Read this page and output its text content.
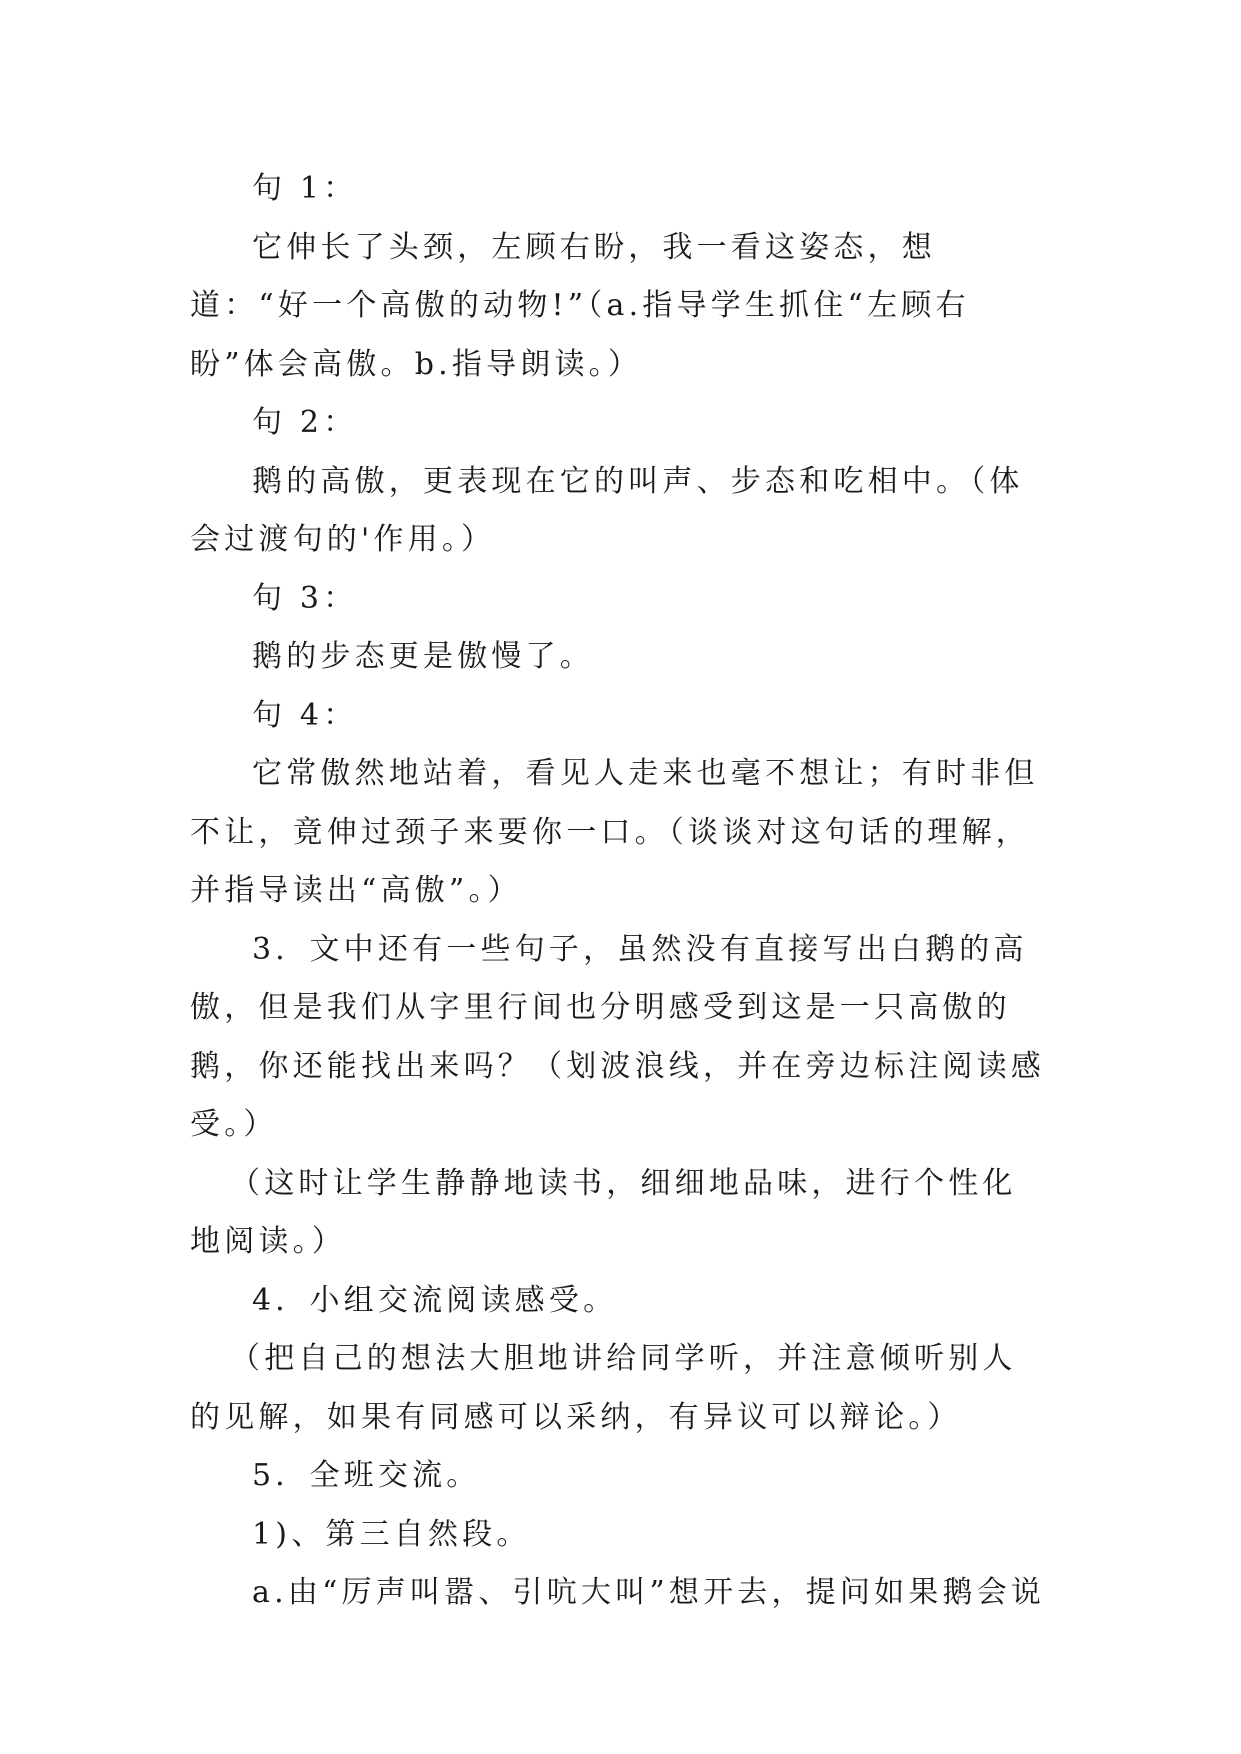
句 1：

它伸长了头颈，左顾右盼，我一看这姿态，想道：“好一个高傲的动物!”（a.指导学生抓住“左顾右盼”体会高傲。b.指导朗读。）

句 2：

鹅的高傲，更表现在它的叫声、步态和吃相中。（体会过渡句的'作用。）

句 3：

鹅的步态更是傲慢了。

句 4：

它常傲然地站着，看见人走来也毫不想让；有时非但不让，竟伸过颈子来要你一口。（谈谈对这句话的理解，并指导读出“高傲”。）

3．文中还有一些句子，虽然没有直接写出白鹅的高傲，但是我们从字里行间也分明感受到这是一只高傲的鹅，你还能找出来吗？（划波浪线，并在旁边标注阅读感受。）

（这时让学生静静地读书，细细地品味，进行个性化地阅读。）

4．小组交流阅读感受。

（把自己的想法大胆地讲给同学听，并注意倾听别人的见解，如果有同感可以采纳，有异议可以辩论。）

5．全班交流。

1)、第三自然段。

a.由“厉声叫嚣、引吭大叫”想开去，提问如果鹅会说
